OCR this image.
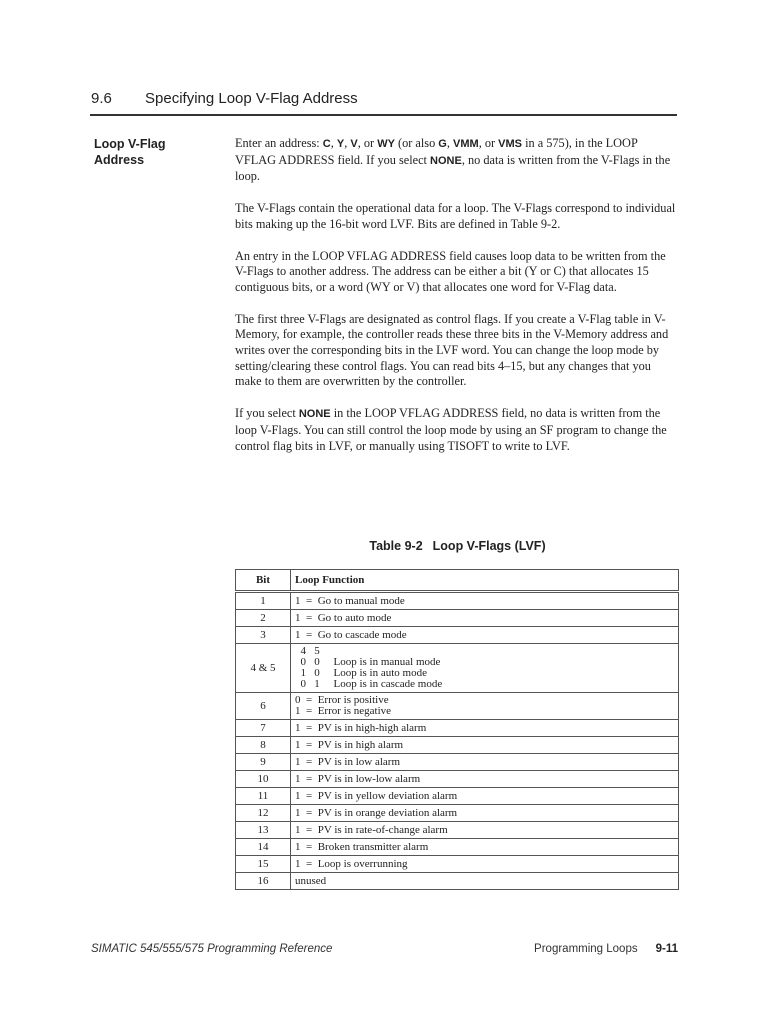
9.6 Specifying Loop V-Flag Address
Loop V-Flag Address

Enter an address: C, Y, V, or WY (or also G, VMM, or VMS in a 575), in the LOOP VFLAG ADDRESS field. If you select NONE, no data is written from the V-Flags in the loop.

The V-Flags contain the operational data for a loop. The V-Flags correspond to individual bits making up the 16-bit word LVF. Bits are defined in Table 9-2.

An entry in the LOOP VFLAG ADDRESS field causes loop data to be written from the V-Flags to another address. The address can be either a bit (Y or C) that allocates 15 contiguous bits, or a word (WY or V) that allocates one word for V-Flag data.

The first three V-Flags are designated as control flags. If you create a V-Flag table in V-Memory, for example, the controller reads these three bits in the V-Memory address and writes over the corresponding bits in the LVF word. You can change the loop mode by setting/clearing these control flags. You can read bits 4–15, but any changes that you make to them are overwritten by the controller.

If you select NONE in the LOOP VFLAG ADDRESS field, no data is written from the loop V-Flags. You can still control the loop mode by using an SF program to change the control flag bits in LVF, or manually using TISOFT to write to LVF.

Table 9-2 Loop V-Flags (LVF)
Bit	Loop Function
1	1  =  Go to manual mode

2	1  =  Go to auto mode

3	1  =  Go to cascade mode

4 & 5	4   5
0   0     Loop is in manual mode
1   0     Loop is in auto mode
0   1     Loop is in cascade mode

6	0  =  Error is positive
1  =  Error is negative

7	1  =  PV is in high-high alarm

8	1  =  PV is in high alarm

9	1  =  PV is in low alarm

10	1  =  PV is in low-low alarm

11	1  =  PV is in yellow deviation alarm

12	1  =  PV is in orange deviation alarm

13	1  =  PV is in rate-of-change alarm

14	1  =  Broken transmitter alarm

15	1  =  Loop is overrunning

16	unused
SIMATIC 545/555/575 Programming Reference	Programming Loops 9-11
